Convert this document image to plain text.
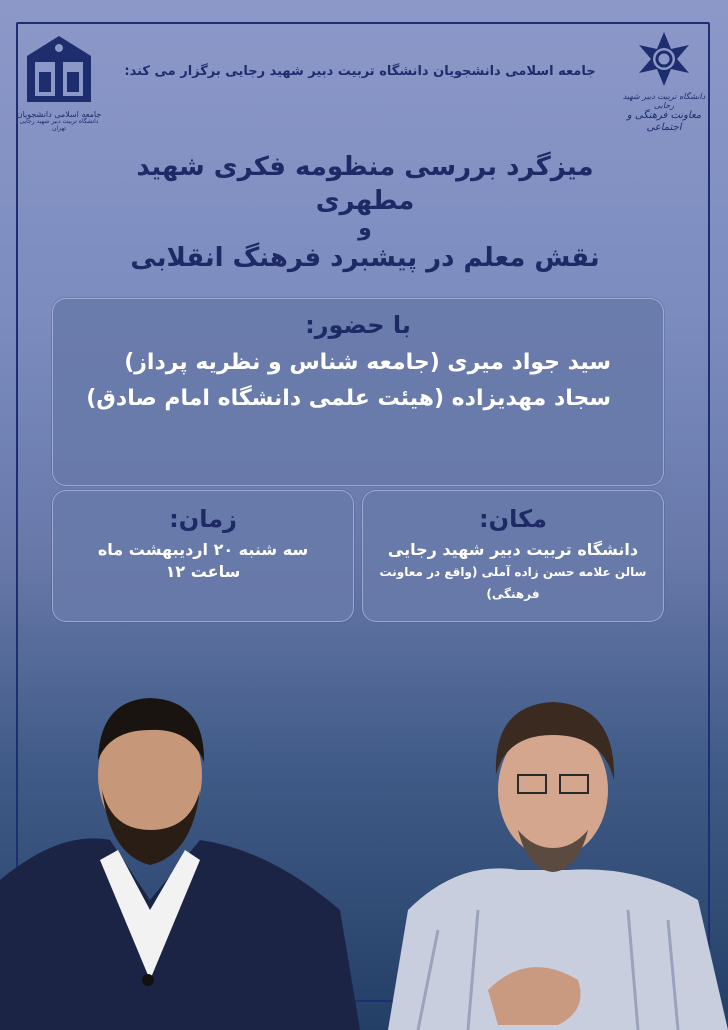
جامعه اسلامی دانشجویان
دانشگاه تربیت دبیر شهید رجایی تهران
دانشگاه تربیت دبیر شهید رجایی
معاونت فرهنگی و اجتماعی
جامعه اسلامی دانشجویان دانشگاه تربیت دبیر شهید رجایی برگزار می کند:
میزگرد بررسی منظومه فکری شهید مطهری
و
نقش معلم در پیشبرد فرهنگ انقلابی
با حضور:
سید جواد میری (جامعه شناس و نظریه پرداز)
سجاد مهدیزاده (هیئت علمی دانشگاه امام صادق)
زمان:
سه شنبه ۲۰ اردیبهشت ماه
ساعت ۱۲
مکان:
دانشگاه تربیت دبیر شهید رجایی
سالن علامه حسن زاده آملی (واقع در معاونت فرهنگی)
